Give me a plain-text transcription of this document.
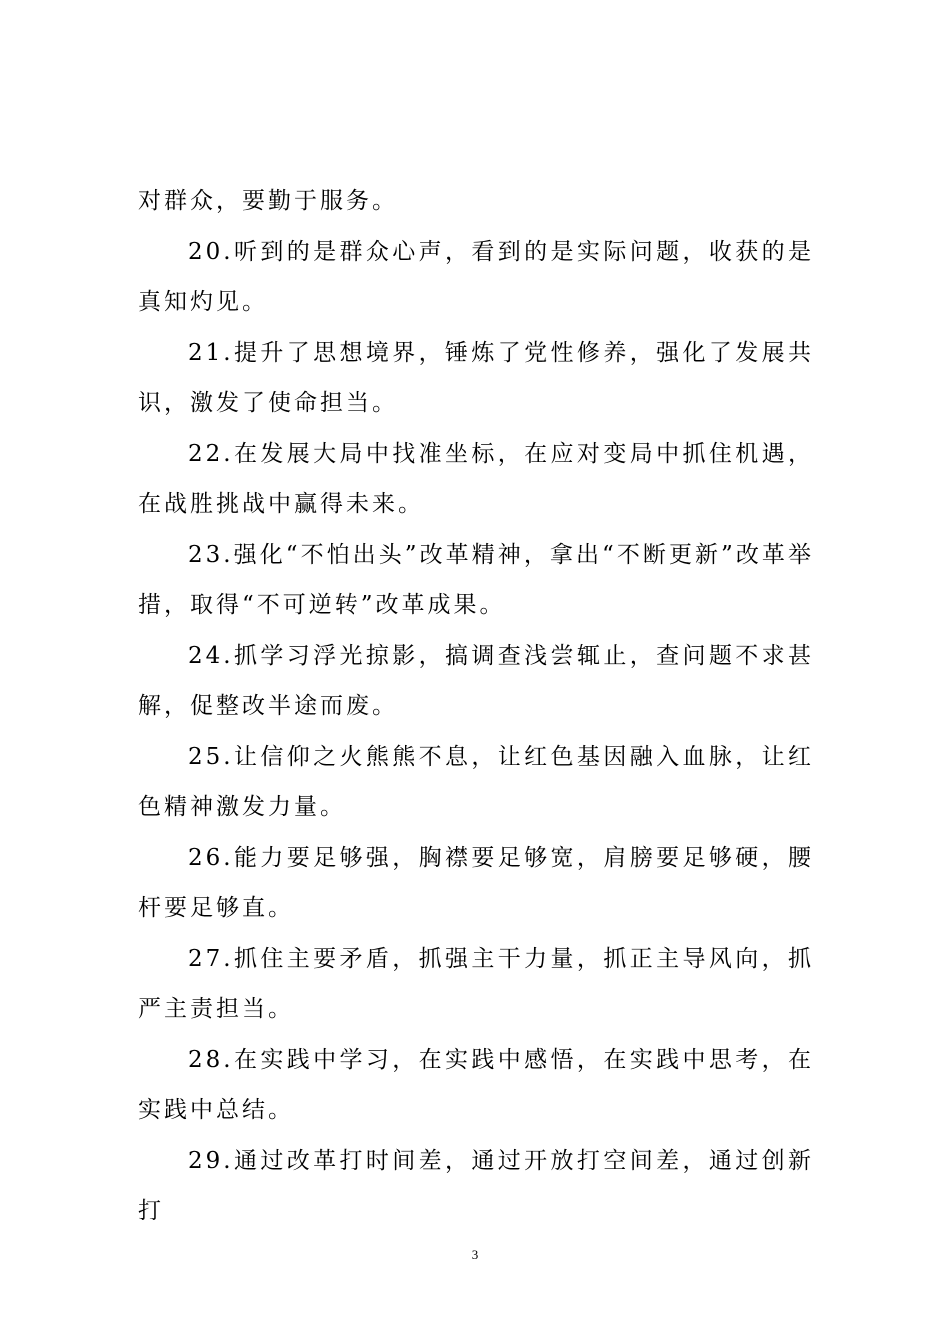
对群众，要勤于服务。

20.听到的是群众心声，看到的是实际问题，收获的是真知灼见。

21.提升了思想境界，锤炼了党性修养，强化了发展共识，激发了使命担当。

22.在发展大局中找准坐标，在应对变局中抓住机遇，在战胜挑战中赢得未来。

23.强化“不怕出头”改革精神，拿出“不断更新”改革举措，取得“不可逆转”改革成果。

24.抓学习浮光掠影，搞调查浅尝辄止，查问题不求甚解，促整改半途而废。

25.让信仰之火熊熊不息，让红色基因融入血脉，让红色精神激发力量。

26.能力要足够强，胸襟要足够宽，肩膀要足够硬，腰杆要足够直。

27.抓住主要矛盾，抓强主干力量，抓正主导风向，抓严主责担当。

28.在实践中学习，在实践中感悟，在实践中思考，在实践中总结。

29.通过改革打时间差，通过开放打空间差，通过创新打

3
